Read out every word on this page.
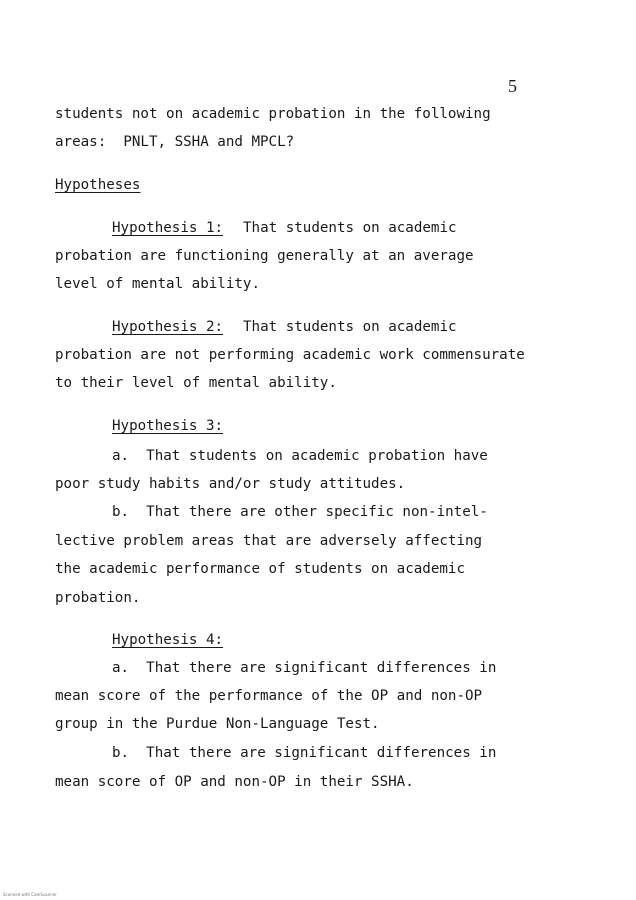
5
students not on academic probation in the following
areas:  PNLT, SSHA and MPCL?
Hypotheses
Hypothesis 1: That students on academic
probation are functioning generally at an average
level of mental ability.
Hypothesis 2: That students on academic
probation are not performing academic work commensurate
to their level of mental ability.
Hypothesis 3:
a.  That students on academic probation have
poor study habits and/or study attitudes.
b.  That there are other specific non-intel-
lective problem areas that are adversely affecting
the academic performance of students on academic
probation.
Hypothesis 4:
a.  That there are significant differences in
mean score of the performance of the OP and non-OP
group in the Purdue Non-Language Test.
b.  That there are significant differences in
mean score of OP and non-OP in their SSHA.
Scanned with CamScanner
